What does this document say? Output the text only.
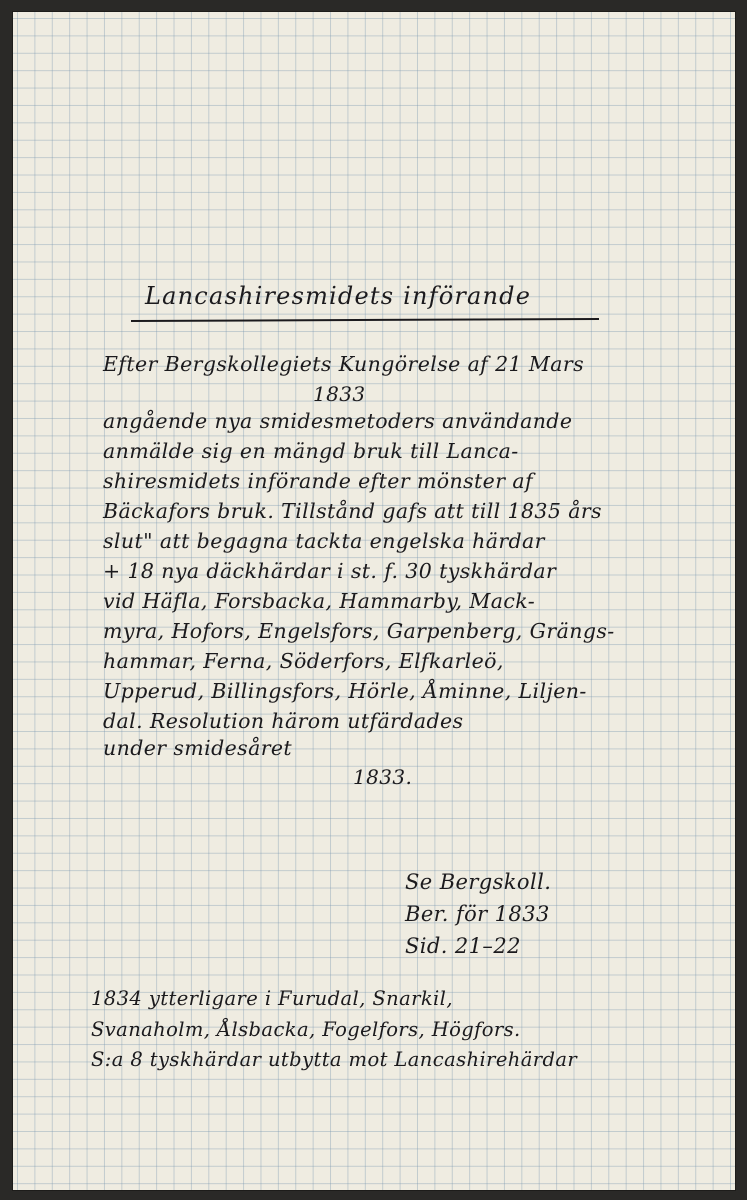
Lancashiresmidets införande
Efter Bergskollegiets Kungörelse af 21 Mars
1833
angående nya smidesmetoders användande
anmälde sig en mängd bruk till Lanca-
shiresmidets införande efter mönster af
Bäckafors bruk. Tillstånd gafs att till 1835 års
slut" att begagna tackta engelska härdar
+ 18 nya däckhärdar i st. f. 30 tyskhärdar
vid Häfla, Forsbacka, Hammarby, Mack-
myra, Hofors, Engelsfors, Garpenberg, Grängs-
hammar, Ferna, Söderfors, Elfkarleö,
Upperud, Billingsfors, Hörle, Åminne, Liljen-
dal. Resolution härom utfärdades
under smidesåret
1833.
Se Bergskoll.
Ber. för 1833
Sid. 21–22
1834 ytterligare i Furudal, Snarkil,
Svanaholm, Ålsbacka, Fogelfors, Högfors.
S:a 8 tyskhärdar utbytta mot Lancashirehärdar
